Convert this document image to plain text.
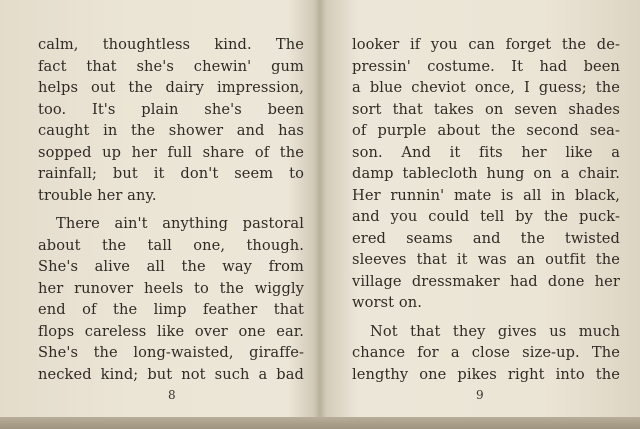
calm, thoughtless kind. The
fact that she's chewin' gum
helps out the dairy impression,
too. It's plain she's been
caught in the shower and has
sopped up her full share of the
rainfall; but it don't seem to
trouble her any.
There ain't anything pastoral
about the tall one, though.
She's alive all the way from
her runover heels to the wiggly
end of the limp feather that
flops careless like over one ear.
She's the long-waisted, giraffe-
necked kind; but not such a bad
8
looker if you can forget the de-
pressin' costume. It had been
a blue cheviot once, I guess; the
sort that takes on seven shades
of purple about the second sea-
son. And it fits her like a
damp tablecloth hung on a chair.
Her runnin' mate is all in black,
and you could tell by the puck-
ered seams and the twisted
sleeves that it was an outfit the
village dressmaker had done her
worst on.
Not that they gives us much
chance for a close size-up. The
lengthy one pikes right into the
9
